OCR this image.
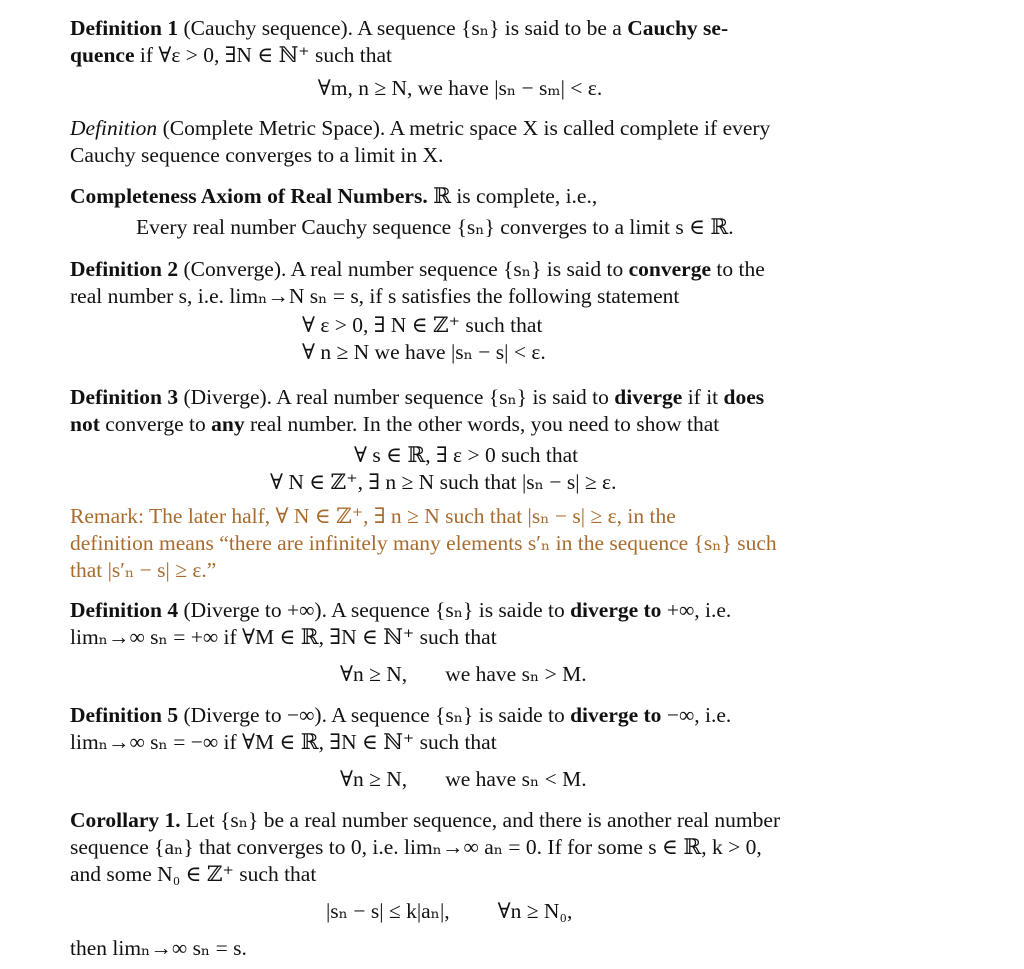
Definition 1 (Cauchy sequence). A sequence {sₙ} is said to be a Cauchy se-
quence if ∀ε > 0, ∃N ∈ ℕ⁺ such that
∀m, n ≥ N, we have |sₙ − sₘ| < ε.
Definition (Complete Metric Space). A metric space X is called complete if every
Cauchy sequence converges to a limit in X.
Completeness Axiom of Real Numbers. ℝ is complete, i.e.,
Every real number Cauchy sequence {sₙ} converges to a limit s ∈ ℝ.
Definition 2 (Converge). A real number sequence {sₙ} is said to converge to the
real number s, i.e. limₙ→N sₙ = s, if s satisfies the following statement
∀ ε > 0, ∃ N ∈ ℤ⁺ such that
∀ n ≥ N we have |sₙ − s| < ε.
Definition 3 (Diverge). A real number sequence {sₙ} is said to diverge if it does
not converge to any real number. In the other words, you need to show that
∀ s ∈ ℝ, ∃ ε > 0 such that
∀ N ∈ ℤ⁺, ∃ n ≥ N such that |sₙ − s| ≥ ε.
Remark: The later half, ∀ N ∈ ℤ⁺, ∃ n ≥ N such that |sₙ − s| ≥ ε, in the
definition means “there are infinitely many elements s′ₙ in the sequence {sₙ} such
that |s′ₙ − s| ≥ ε.”
Definition 4 (Diverge to +∞). A sequence {sₙ} is saide to diverge to +∞, i.e.
limₙ→∞ sₙ = +∞ if ∀M ∈ ℝ, ∃N ∈ ℕ⁺ such that
∀n ≥ N, we have sₙ > M.
Definition 5 (Diverge to −∞). A sequence {sₙ} is saide to diverge to −∞, i.e.
limₙ→∞ sₙ = −∞ if ∀M ∈ ℝ, ∃N ∈ ℕ⁺ such that
∀n ≥ N, we have sₙ < M.
Corollary 1. Let {sₙ} be a real number sequence, and there is another real number
sequence {aₙ} that converges to 0, i.e. limₙ→∞ aₙ = 0. If for some s ∈ ℝ, k > 0,
and some N₀ ∈ ℤ⁺ such that
|sₙ − s| ≤ k|aₙ|, ∀n ≥ N₀,
then limₙ→∞ sₙ = s.
